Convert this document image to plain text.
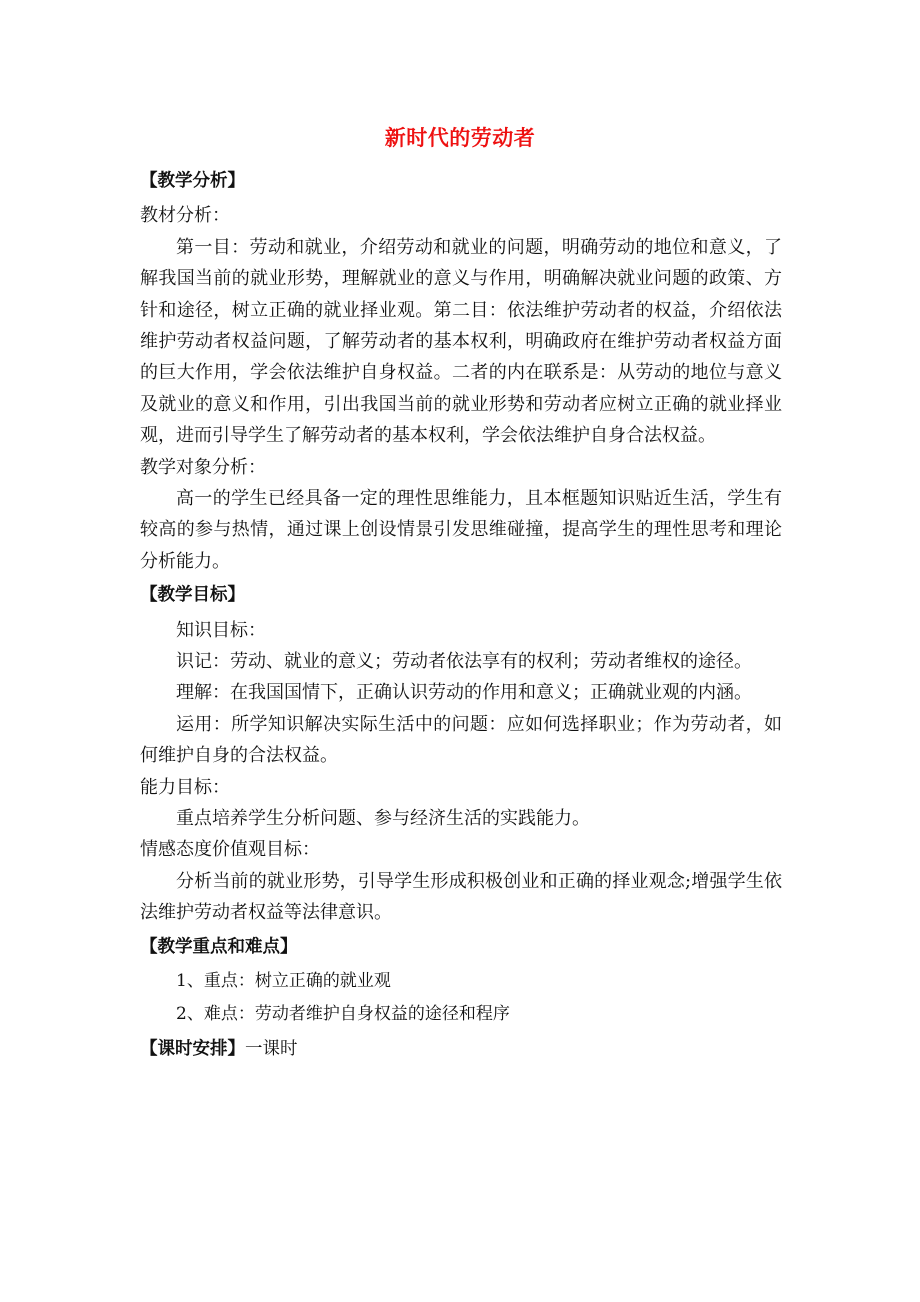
新时代的劳动者
【教学分析】
教材分析：
第一目：劳动和就业，介绍劳动和就业的问题，明确劳动的地位和意义，了解我国当前的就业形势，理解就业的意义与作用，明确解决就业问题的政策、方针和途径，树立正确的就业择业观。第二目：依法维护劳动者的权益，介绍依法维护劳动者权益问题，了解劳动者的基本权利，明确政府在维护劳动者权益方面的巨大作用，学会依法维护自身权益。二者的内在联系是：从劳动的地位与意义及就业的意义和作用，引出我国当前的就业形势和劳动者应树立正确的就业择业观，进而引导学生了解劳动者的基本权利，学会依法维护自身合法权益。
教学对象分析：
高一的学生已经具备一定的理性思维能力，且本框题知识贴近生活，学生有较高的参与热情，通过课上创设情景引发思维碰撞，提高学生的理性思考和理论分析能力。
【教学目标】
知识目标：
识记：劳动、就业的意义；劳动者依法享有的权利；劳动者维权的途径。
理解：在我国国情下，正确认识劳动的作用和意义；正确就业观的内涵。
运用：所学知识解决实际生活中的问题：应如何选择职业；作为劳动者，如何维护自身的合法权益。
能力目标：
重点培养学生分析问题、参与经济生活的实践能力。
情感态度价值观目标：
分析当前的就业形势，引导学生形成积极创业和正确的择业观念;增强学生依法维护劳动者权益等法律意识。
【教学重点和难点】
1、重点：树立正确的就业观
2、难点：劳动者维护自身权益的途径和程序
【课时安排】一课时
